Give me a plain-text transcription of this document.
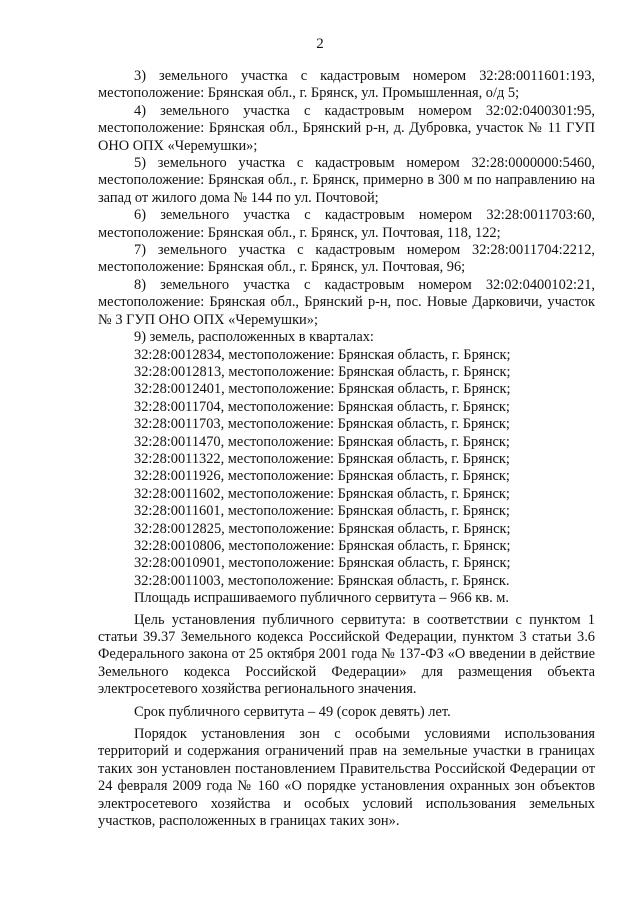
2

3) земельного участка с кадастровым номером 32:28:0011601:193, местоположение: Брянская обл., г. Брянск, ул. Промышленная, о/д 5;

4) земельного участка с кадастровым номером 32:02:0400301:95, местоположение: Брянская обл., Брянский р-н, д. Дубровка, участок № 11 ГУП ОНО ОПХ «Черемушки»;

5) земельного участка с кадастровым номером 32:28:0000000:5460, местоположение: Брянская обл., г. Брянск, примерно в 300 м по направлению на запад от жилого дома № 144 по ул. Почтовой;

6) земельного участка с кадастровым номером 32:28:0011703:60, местоположение: Брянская обл., г. Брянск, ул. Почтовая, 118, 122;

7) земельного участка с кадастровым номером 32:28:0011704:2212, местоположение: Брянская обл., г. Брянск, ул. Почтовая, 96;

8) земельного участка с кадастровым номером 32:02:0400102:21, местоположение: Брянская обл., Брянский р-н, пос. Новые Дарковичи, участок № 3 ГУП ОНО ОПХ «Черемушки»;

9) земель, расположенных в кварталах:

32:28:0012834, местоположение: Брянская область, г. Брянск;

32:28:0012813, местоположение: Брянская область, г. Брянск;

32:28:0012401, местоположение: Брянская область, г. Брянск;

32:28:0011704, местоположение: Брянская область, г. Брянск;

32:28:0011703, местоположение: Брянская область, г. Брянск;

32:28:0011470, местоположение: Брянская область, г. Брянск;

32:28:0011322, местоположение: Брянская область, г. Брянск;

32:28:0011926, местоположение: Брянская область, г. Брянск;

32:28:0011602, местоположение: Брянская область, г. Брянск;

32:28:0011601, местоположение: Брянская область, г. Брянск;

32:28:0012825, местоположение: Брянская область, г. Брянск;

32:28:0010806, местоположение: Брянская область, г. Брянск;

32:28:0010901, местоположение: Брянская область, г. Брянск;

32:28:0011003, местоположение: Брянская область, г. Брянск.

Площадь испрашиваемого публичного сервитута – 966 кв. м.

Цель установления публичного сервитута: в соответствии с пунктом 1 статьи 39.37 Земельного кодекса Российской Федерации, пунктом 3 статьи 3.6 Федерального закона от 25 октября 2001 года № 137-ФЗ «О введении в действие Земельного кодекса Российской Федерации» для размещения объекта электросетевого хозяйства регионального значения.

Срок публичного сервитута – 49 (сорок девять) лет.

Порядок установления зон с особыми условиями использования территорий и содержания ограничений прав на земельные участки в границах таких зон установлен постановлением Правительства Российской Федерации от 24 февраля 2009 года № 160 «О порядке установления охранных зон объектов электросетевого хозяйства и особых условий использования земельных участков, расположенных в границах таких зон».
